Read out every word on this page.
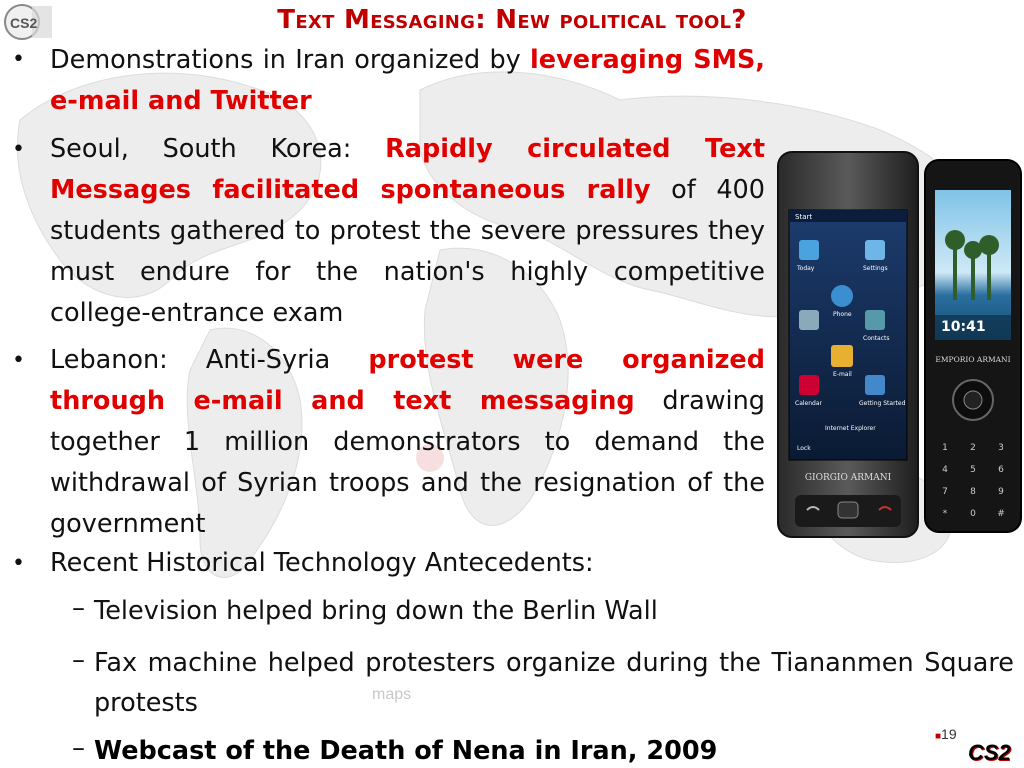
CS2	Text Messaging: New political tool?
• Demonstrations in Iran organized by leveraging SMS, e-mail and Twitter
• Seoul, South Korea: Rapidly circulated Text Messages facilitated spontaneous rally of 400 students gathered to protest the severe pressures they must endure for the nation's highly competitive college-entrance exam
• Lebanon: Anti-Syria protest were organized through e-mail and text messaging drawing together 1 million demonstrators to demand the withdrawal of Syrian troops and the resignation of the government
• Recent Historical Technology Antecedents:
– Television helped bring down the Berlin Wall
– Fax machine helped protesters organize during the Tiananmen Square protests
– Webcast of the Death of Nena in Iran, 2009
maps
Start
Today	Settings
Phone
Contacts
E-mail
Calendar	Getting Started
Internet Explorer
Lock
GIORGIO ARMANI
10:41
EMPORIO ARMANI
1 2 3
4 5 6
7 8 9
*	0 #
■19
CS2
